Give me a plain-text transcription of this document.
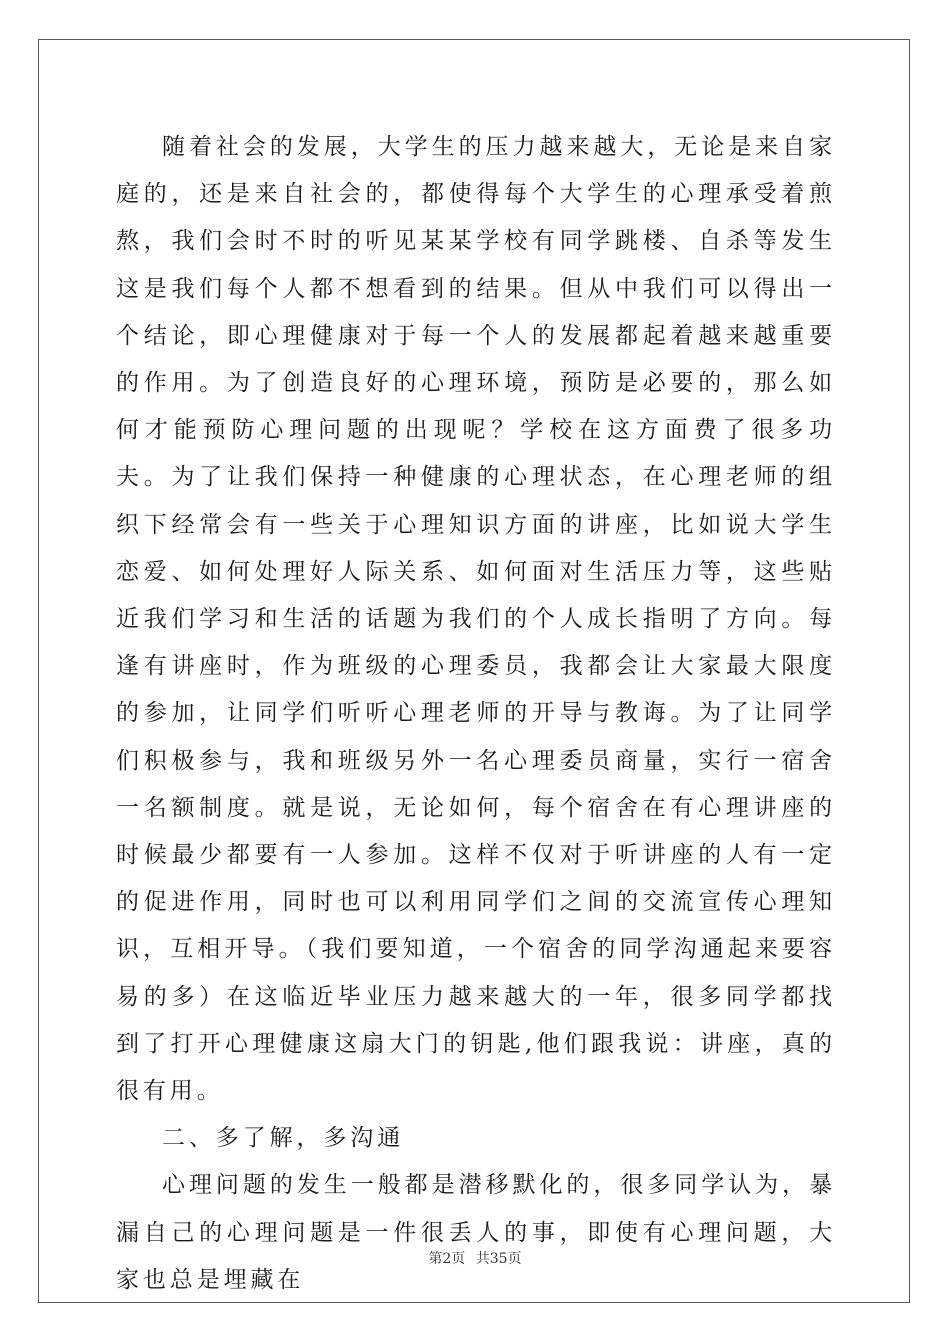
随着社会的发展，大学生的压力越来越大，无论是来自家庭的，还是来自社会的，都使得每个大学生的心理承受着煎熬，我们会时不时的听见某某学校有同学跳楼、自杀等发生这是我们每个人都不想看到的结果。但从中我们可以得出一个结论，即心理健康对于每一个人的发展都起着越来越重要的作用。为了创造良好的心理环境，预防是必要的，那么如何才能预防心理问题的出现呢？学校在这方面费了很多功夫。为了让我们保持一种健康的心理状态，在心理老师的组织下经常会有一些关于心理知识方面的讲座，比如说大学生恋爱、如何处理好人际关系、如何面对生活压力等，这些贴近我们学习和生活的话题为我们的个人成长指明了方向。每逢有讲座时，作为班级的心理委员，我都会让大家最大限度的参加，让同学们听听心理老师的开导与教诲。为了让同学们积极参与，我和班级另外一名心理委员商量，实行一宿舍一名额制度。就是说，无论如何，每个宿舍在有心理讲座的时候最少都要有一人参加。这样不仅对于听讲座的人有一定的促进作用，同时也可以利用同学们之间的交流宣传心理知识，互相开导。（我们要知道，一个宿舍的同学沟通起来要容易的多）在这临近毕业压力越来越大的一年，很多同学都找到了打开心理健康这扇大门的钥匙,他们跟我说：讲座，真的很有用。

二、多了解，多沟通

心理问题的发生一般都是潜移默化的，很多同学认为，暴漏自己的心理问题是一件很丢人的事，即使有心理问题，大家也总是埋藏在

第2页 共35页
